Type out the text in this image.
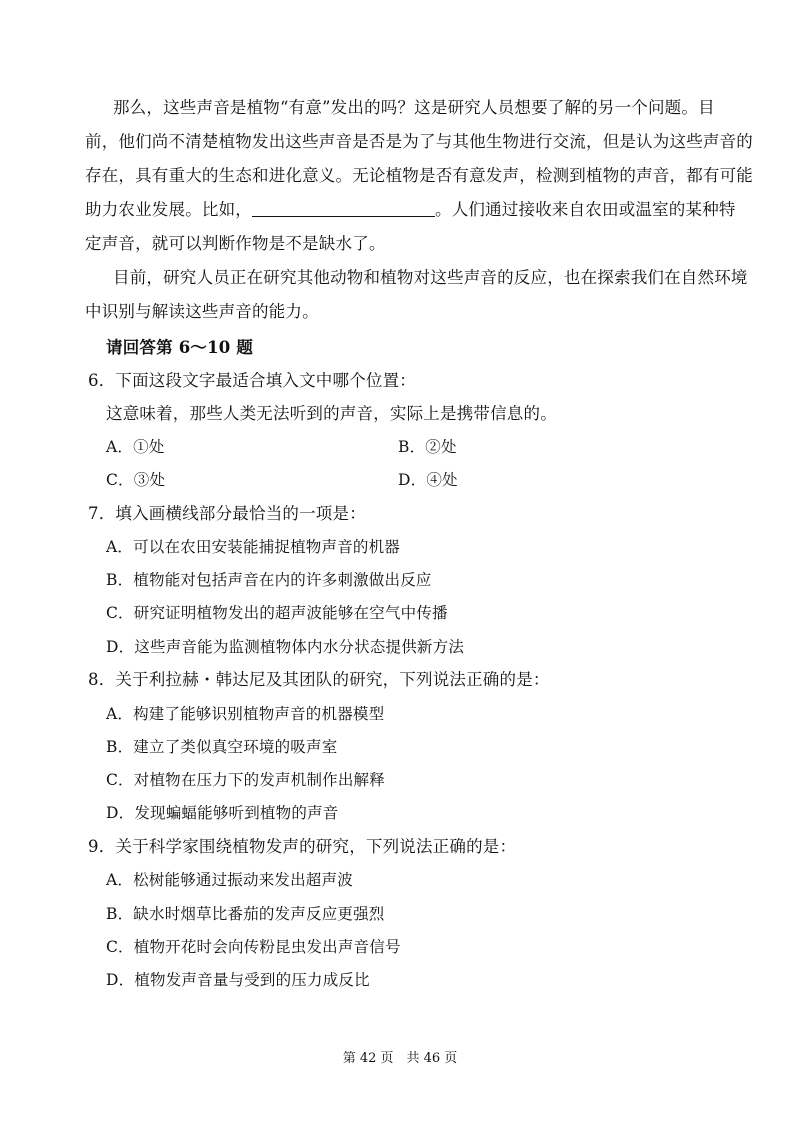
那么，这些声音是植物“有意”发出的吗？这是研究人员想要了解的另一个问题。目
前，他们尚不清楚植物发出这些声音是否是为了与其他生物进行交流，但是认为这些声音的
存在，具有重大的生态和进化意义。无论植物是否有意发声，检测到植物的声音，都有可能
助力农业发展。比如，	。人们通过接收来自农田或温室的某种特
定声音，就可以判断作物是不是缺水了。
目前，研究人员正在研究其他动物和植物对这些声音的反应，也在探索我们在自然环境
中识别与解读这些声音的能力。
请回答第 6～10 题
6．下面这段文字最适合填入文中哪个位置：
这意味着，那些人类无法听到的声音，实际上是携带信息的。
A．①处	B．②处
C．③处	D．④处
7．填入画横线部分最恰当的一项是：
A．可以在农田安装能捕捉植物声音的机器
B．植物能对包括声音在内的许多刺激做出反应
C．研究证明植物发出的超声波能够在空气中传播
D．这些声音能为监测植物体内水分状态提供新方法
8．关于利拉赫・韩达尼及其团队的研究，下列说法正确的是：
A．构建了能够识别植物声音的机器模型
B．建立了类似真空环境的吸声室
C．对植物在压力下的发声机制作出解释
D．发现蝙蝠能够听到植物的声音
9．关于科学家围绕植物发声的研究，下列说法正确的是：
A．松树能够通过振动来发出超声波
B．缺水时烟草比番茄的发声反应更强烈
C．植物开花时会向传粉昆虫发出声音信号
D．植物发声音量与受到的压力成反比
第 42 页　共 46 页
